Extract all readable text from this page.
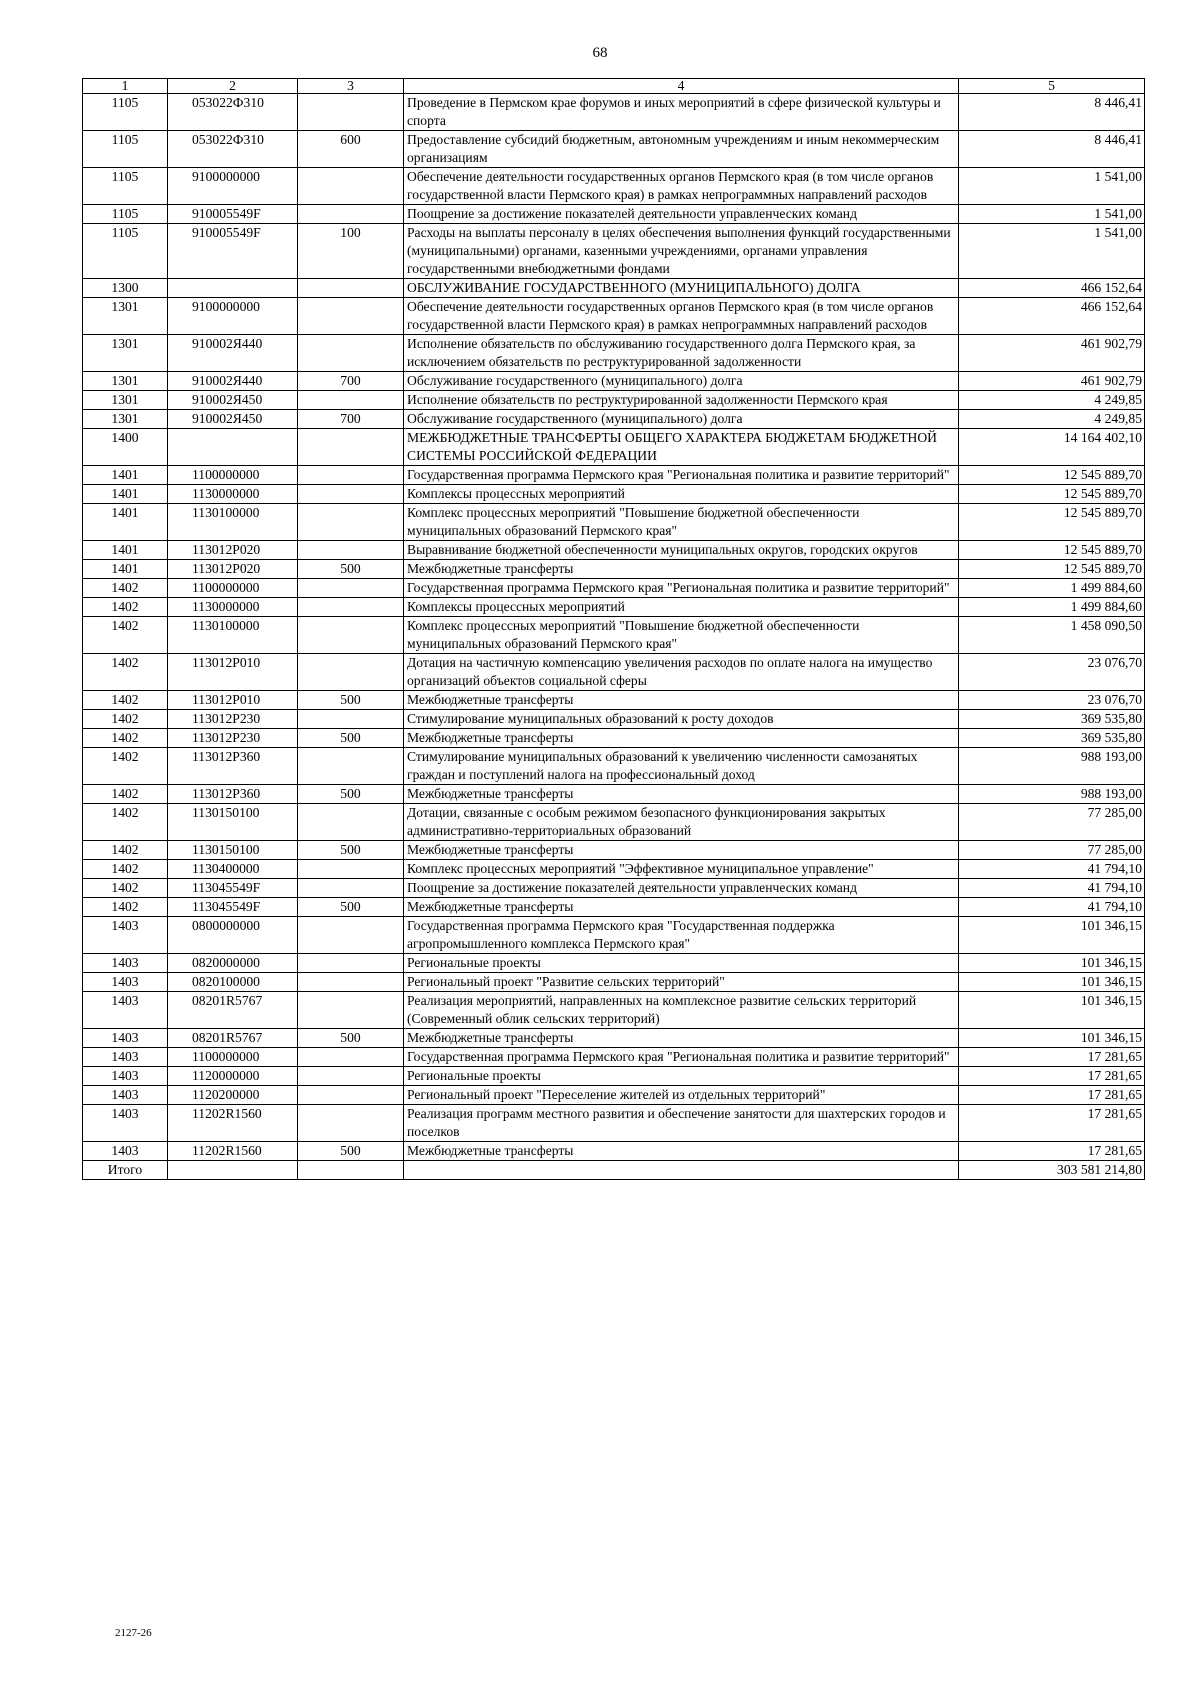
68
1	2	3	4	5
1105	053022Ф310		Проведение в Пермском крае форумов и иных мероприятий в сфере физической культуры и спорта	8 446,41
1105	053022Ф310	600	Предоставление субсидий бюджетным, автономным учреждениям и иным некоммерческим организациям	8 446,41
1105	9100000000		Обеспечение деятельности государственных органов Пермского края (в том числе органов государственной власти Пермского края) в рамках непрограммных направлений расходов	1 541,00
1105	910005549F		Поощрение за достижение показателей деятельности управленческих команд	1 541,00
1105	910005549F	100	Расходы на выплаты персоналу в целях обеспечения выполнения функций государственными (муниципальными) органами, казенными учреждениями, органами управления государственными внебюджетными фондами	1 541,00
1300			ОБСЛУЖИВАНИЕ ГОСУДАРСТВЕННОГО (МУНИЦИПАЛЬНОГО) ДОЛГА	466 152,64
1301	9100000000		Обеспечение деятельности государственных органов Пермского края (в том числе органов государственной власти Пермского края) в рамках непрограммных направлений расходов	466 152,64
1301	910002Я440		Исполнение обязательств по обслуживанию государственного долга Пермского края, за исключением обязательств по реструктурированной задолженности	461 902,79
1301	910002Я440	700	Обслуживание государственного (муниципального) долга	461 902,79
1301	910002Я450		Исполнение обязательств по реструктурированной задолженности Пермского края	4 249,85
1301	910002Я450	700	Обслуживание государственного (муниципального) долга	4 249,85
1400			МЕЖБЮДЖЕТНЫЕ ТРАНСФЕРТЫ ОБЩЕГО ХАРАКТЕРА БЮДЖЕТАМ БЮДЖЕТНОЙ СИСТЕМЫ РОССИЙСКОЙ ФЕДЕРАЦИИ	14 164 402,10
1401	1100000000		Государственная программа Пермского края "Региональная политика и развитие территорий"	12 545 889,70
1401	1130000000		Комплексы процессных мероприятий	12 545 889,70
1401	1130100000		Комплекс процессных мероприятий "Повышение бюджетной обеспеченности муниципальных образований Пермского края"	12 545 889,70
1401	113012Р020		Выравнивание бюджетной обеспеченности муниципальных округов, городских округов	12 545 889,70
1401	113012Р020	500	Межбюджетные трансферты	12 545 889,70
1402	1100000000		Государственная программа Пермского края "Региональная политика и развитие территорий"	1 499 884,60
1402	1130000000		Комплексы процессных мероприятий	1 499 884,60
1402	1130100000		Комплекс процессных мероприятий "Повышение бюджетной обеспеченности муниципальных образований Пермского края"	1 458 090,50
1402	113012Р010		Дотация на частичную компенсацию увеличения расходов по оплате налога на имущество организаций объектов социальной сферы	23 076,70
1402	113012Р010	500	Межбюджетные трансферты	23 076,70
1402	113012Р230		Стимулирование муниципальных образований к росту доходов	369 535,80
1402	113012Р230	500	Межбюджетные трансферты	369 535,80
1402	113012Р360		Стимулирование муниципальных образований к увеличению численности самозанятых граждан и поступлений налога на профессиональный доход	988 193,00
1402	113012Р360	500	Межбюджетные трансферты	988 193,00
1402	1130150100		Дотации, связанные с особым режимом безопасного функционирования закрытых административно-территориальных образований	77 285,00
1402	1130150100	500	Межбюджетные трансферты	77 285,00
1402	1130400000		Комплекс процессных мероприятий "Эффективное муниципальное управление"	41 794,10
1402	113045549F		Поощрение за достижение показателей деятельности управленческих команд	41 794,10
1402	113045549F	500	Межбюджетные трансферты	41 794,10
1403	0800000000		Государственная программа Пермского края "Государственная поддержка агропромышленного комплекса Пермского края"	101 346,15
1403	0820000000		Региональные проекты	101 346,15
1403	0820100000		Региональный проект "Развитие сельских территорий"	101 346,15
1403	08201R5767		Реализация мероприятий, направленных на комплексное развитие сельских территорий (Современный облик сельских территорий)	101 346,15
1403	08201R5767	500	Межбюджетные трансферты	101 346,15
1403	1100000000		Государственная программа Пермского края "Региональная политика и развитие территорий"	17 281,65
1403	1120000000		Региональные проекты	17 281,65
1403	1120200000		Региональный проект "Переселение жителей из отдельных территорий"	17 281,65
1403	11202R1560		Реализация программ местного развития и обеспечение занятости для шахтерских городов и поселков	17 281,65
1403	11202R1560	500	Межбюджетные трансферты	17 281,65
Итого				303 581 214,80
2127-26
